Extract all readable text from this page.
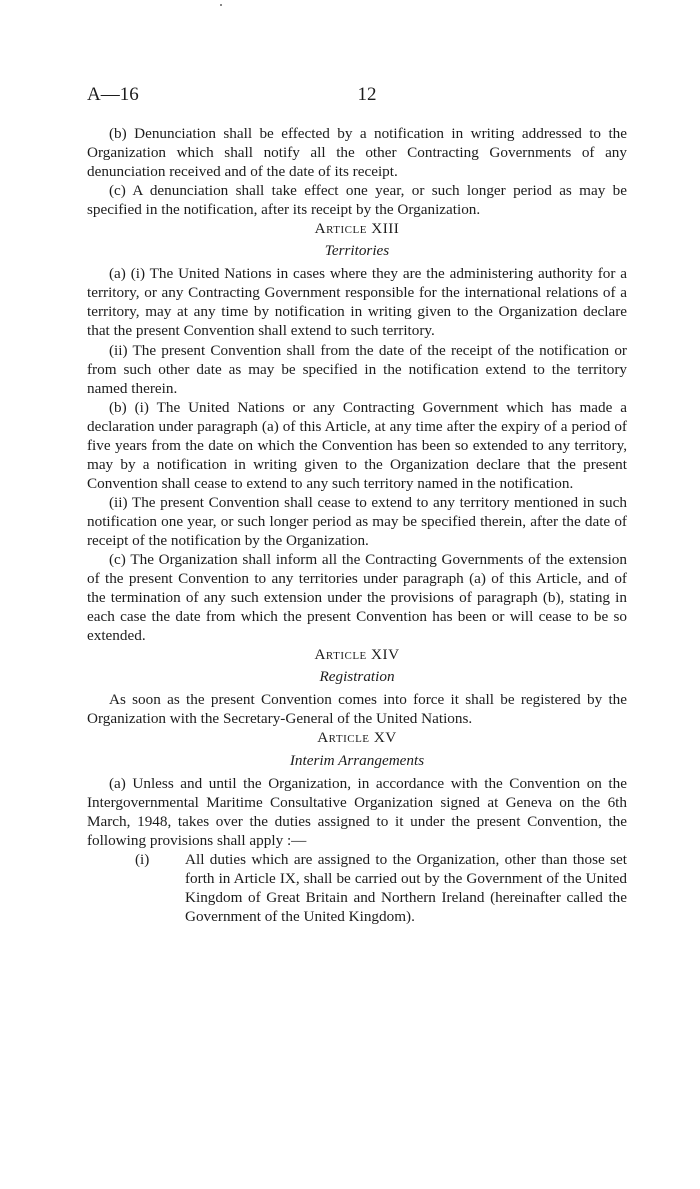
A—16	12

(b) Denunciation shall be effected by a notification in writing addressed to the Organization which shall notify all the other Contracting Governments of any denunciation received and of the date of its receipt.

(c) A denunciation shall take effect one year, or such longer period as may be specified in the notification, after its receipt by the Organization.

Article XIII

Territories

(a) (i) The United Nations in cases where they are the administering authority for a territory, or any Contracting Government responsible for the international relations of a territory, may at any time by notification in writing given to the Organization declare that the present Convention shall extend to such territory.

(ii) The present Convention shall from the date of the receipt of the notification or from such other date as may be specified in the notification extend to the territory named therein.

(b) (i) The United Nations or any Contracting Government which has made a declaration under paragraph (a) of this Article, at any time after the expiry of a period of five years from the date on which the Convention has been so extended to any territory, may by a notification in writing given to the Organization declare that the present Convention shall cease to extend to any such territory named in the notification.

(ii) The present Convention shall cease to extend to any territory mentioned in such notification one year, or such longer period as may be specified therein, after the date of receipt of the notification by the Organization.

(c) The Organization shall inform all the Contracting Governments of the extension of the present Convention to any territories under paragraph (a) of this Article, and of the termination of any such extension under the provisions of paragraph (b), stating in each case the date from which the present Convention has been or will cease to be so extended.

Article XIV

Registration

As soon as the present Convention comes into force it shall be registered by the Organization with the Secretary-General of the United Nations.

Article XV

Interim Arrangements

(a) Unless and until the Organization, in accordance with the Convention on the Intergovernmental Maritime Consultative Organization signed at Geneva on the 6th March, 1948, takes over the duties assigned to it under the present Convention, the following provisions shall apply :—

(i) All duties which are assigned to the Organization, other than those set forth in Article IX, shall be carried out by the Government of the United Kingdom of Great Britain and Northern Ireland (hereinafter called the Government of the United Kingdom).
